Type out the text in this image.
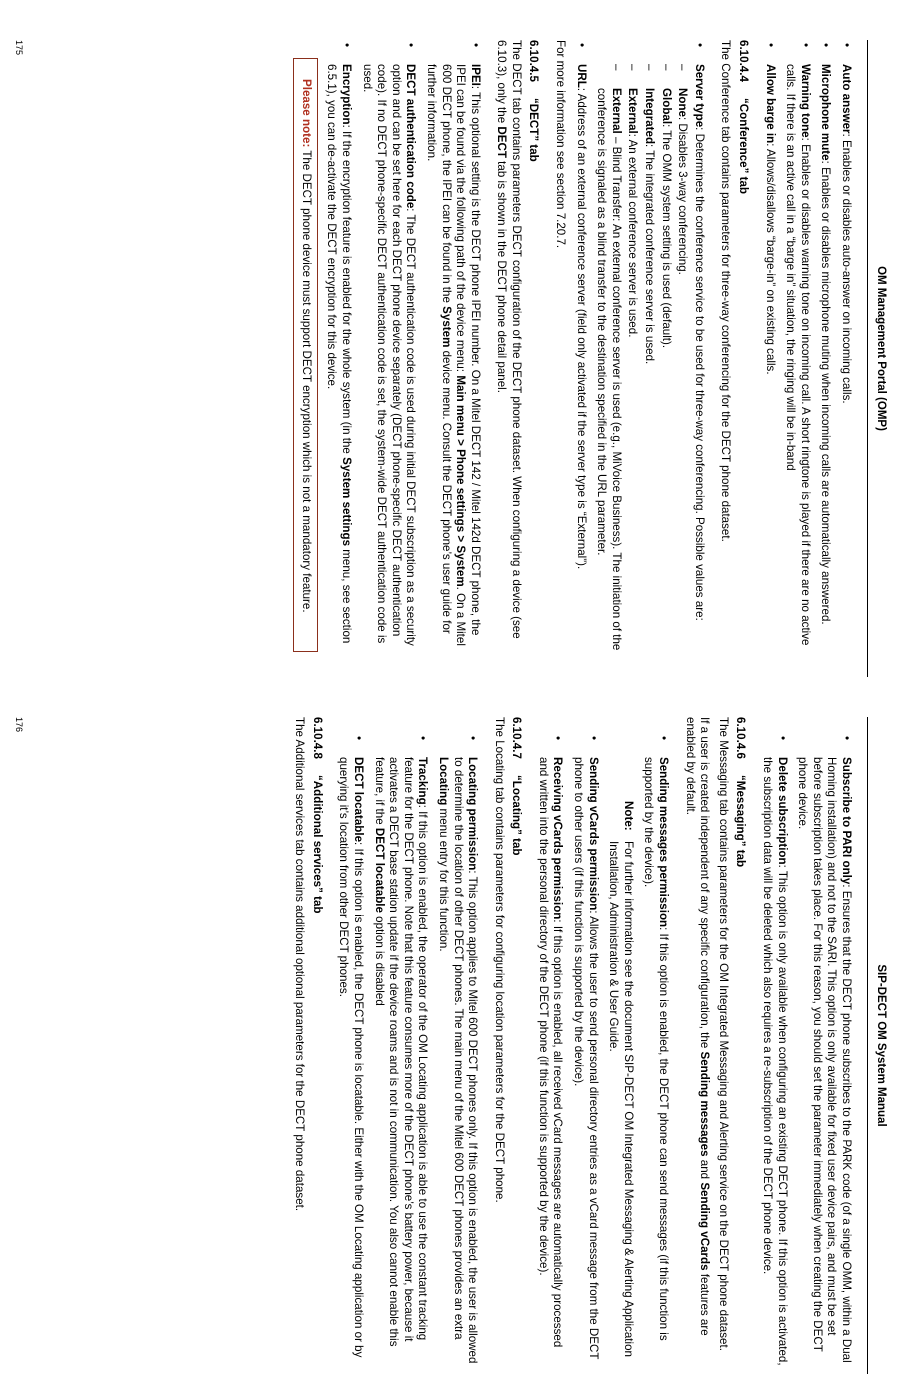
OM Management Portal (OMP)
• Auto answer: Enables or disables auto-answer on incoming calls.
• Microphone mute: Enables or disables microphone muting when incoming calls are automatically answered.
• Warning tone: Enables or disables warning tone on incoming call. A short ringtone is played if there are no active calls. If there is an active call in a “barge in” situation, the ringing will be in-band
• Allow barge in: Allows/disallows “barge-in” on existing calls.
6.10.4.4“Conference” tab

The Conference tab contains parameters for three-way conferencing for the DECT phone dataset.

• Server type: Determines the conference service to be used for three-way conferencing. Possible values are:
– None: Disables 3-way conferencing.
– Global: The OMM system setting is used (default).
– Integrated: The integrated conference server is used.
– External: An external conference server is used.
– External – Blind Transfer: An external conference server is used (e.g., MiVoice Business). The initiation of the conference is signaled as a blind transfer to the destination specified in the URL parameter.
• URL: Address of an external conference server (field only activated if the server type is “External”).

For more information see section 7.20.7.

6.10.4.5“DECT” tab

The DECT tab contains parameters DECT configuration of the DECT phone dataset. When configuring a device (see 6.10.3), only the DECT tab is shown in the DECT phone detail panel.

• IPEI: This optional setting is the DECT phone IPEI number. On a Mitel DECT 142 / Mitel 142d DECT phone, the IPEI can be found via the following path of the device menu: Main menu > Phone settings > System. On a Mitel 600 DECT phone, the IPEI can be found in the System device menu. Consult the DECT phone’s user guide for further information.
• DECT authentication code: The DECT authentication code is used during initial DECT subscription as a security option and can be set here for each DECT phone device separately (DECT phone-specific DECT authentication code). If no DECT phone-specific DECT authentication code is set, the system-wide DECT authentication code is used.
• Encryption: If the encryption feature is enabled for the whole system (in the System settings menu, see section 6.5.1), you can de-activate the DECT encryption for this device.
Please note: The DECT phone device must support DECT encryption which is not a mandatory feature.
175
SIP-DECT OM System Manual
• Subscribe to PARI only: Ensures that the DECT phone subscribes to the PARK code (of a single OMM, within a Dual Homing installation) and not to the SARI. This option is only available for fixed user device pairs, and must be set before subscription takes place. For this reason, you should set the parameter immediately when creating the DECT phone device.
• Delete subscription: This option is only available when configuring an existing DECT phone. If this option is activated, the subscription data will be deleted which also requires a re-subscription of the DECT phone device.
6.10.4.6“Messaging” tab

The Messaging tab contains parameters for the OM Integrated Messaging and Alerting service on the DECT phone dataset.

If a user is created independent of any specific configuration, the Sending messages and Sending vCards features are enabled by default.

• Sending messages permission: If this option is enabled, the DECT phone can send messages (if this function is supported by the device).
Note:
For further information see the document SIP-DECT OM Integrated Messaging & Alerting Application Installation, Administration & User Guide.
• Sending vCards permission: Allows the user to send personal directory entries as a vCard message from the DECT phone to other users (if this function is supported by the device).
• Receiving vCards permission: If this option is enabled, all received vCard messages are automatically processed and written into the personal directory of the DECT phone (if this function is supported by the device).
6.10.4.7“Locating” tab

The Locating tab contains parameters for configuring location parameters for the DECT phone.

• Locating permission: This option applies to Mitel 600 DECT phones only. If this option is enabled, the user is allowed to determine the location of other DECT phones. The main menu of the Mitel 600 DECT phones provides an extra Locating menu entry for this function.
• Tracking: If this option is enabled, the operator of the OM Locating application is able to use the constant tracking feature for the DECT phone. Note that this feature consumes more of the DECT phone’s battery power, because it activates a DECT base station update if the device roams and is not in communication. You also cannot enable this feature, if the DECT locatable option is disabled
• DECT locatable: If this option is enabled, the DECT phone is locatable. Either with the OM Locating application or by querying it’s location from other DECT phones.
6.10.4.8“Additional services” tab

The Additional services tab contains additional optional parameters for the DECT phone dataset.

176
